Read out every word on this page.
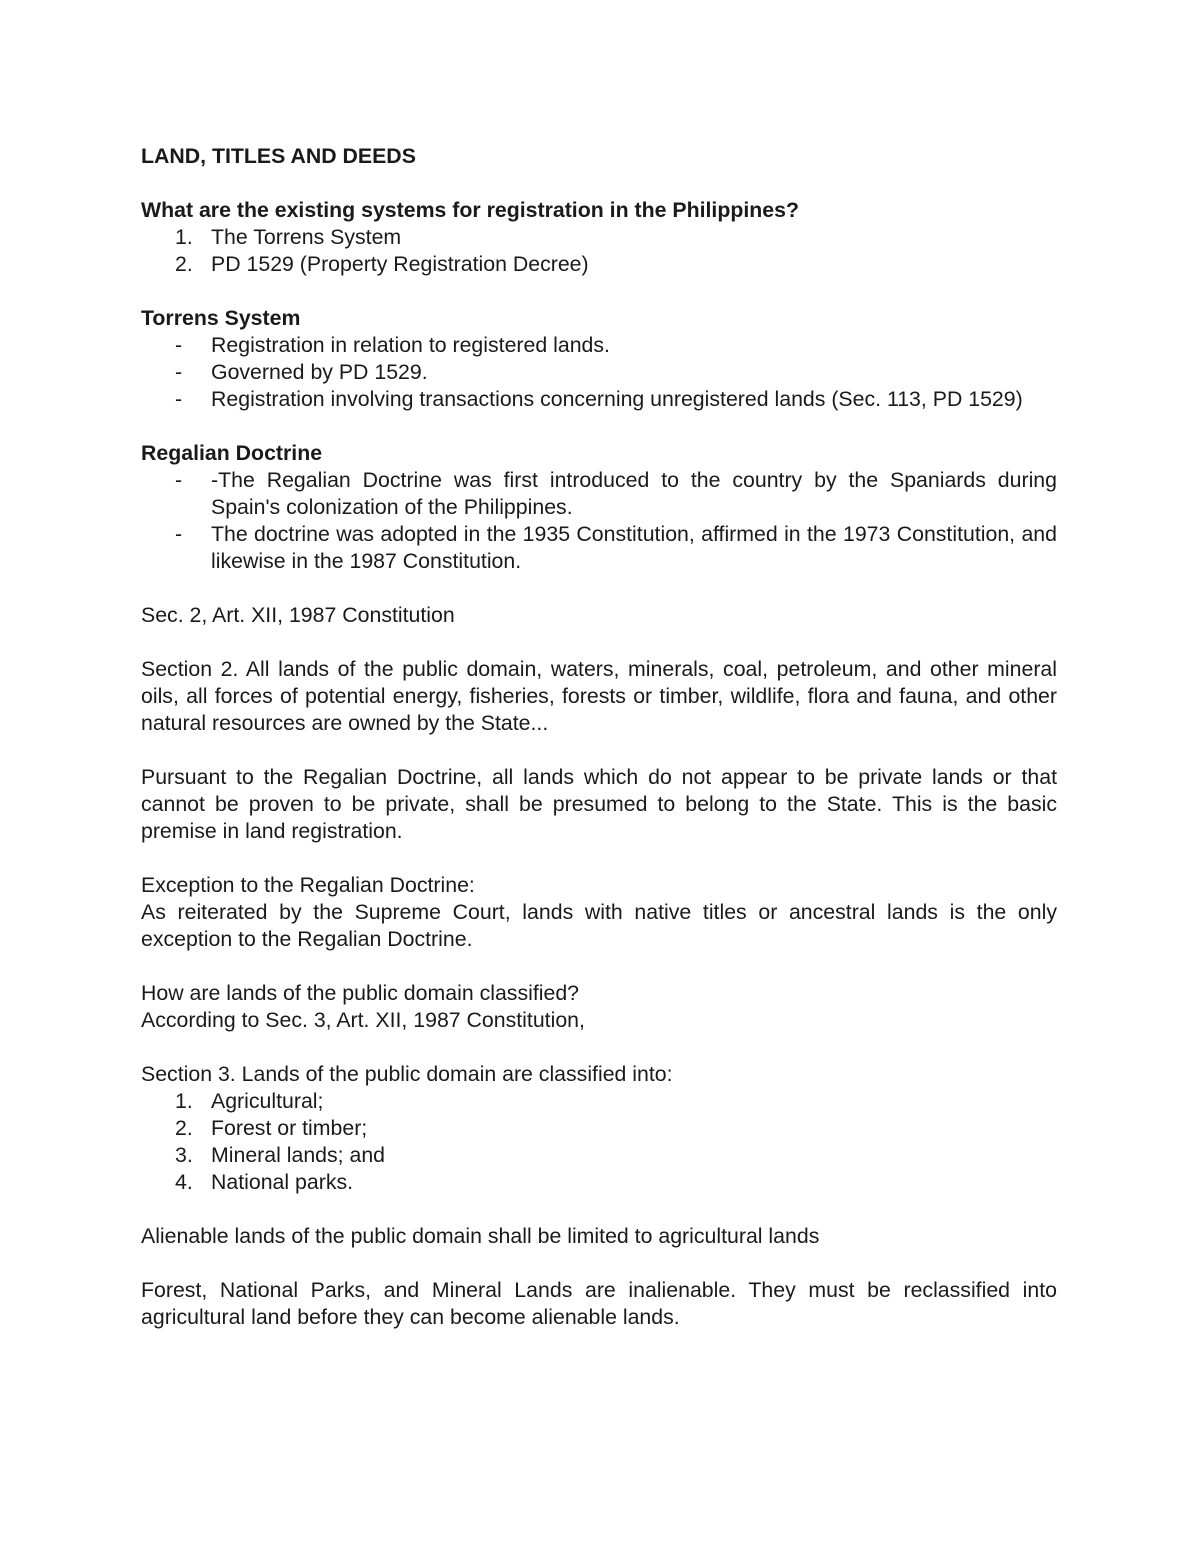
LAND, TITLES AND DEEDS

What are the existing systems for registration in the Philippines?

1. The Torrens System
2. PD 1529 (Property Registration Decree)

Torrens System

-	Registration in relation to registered lands.
-	Governed by PD 1529.
-	Registration involving transactions concerning unregistered lands (Sec. 113, PD 1529)

Regalian Doctrine

-	-The Regalian Doctrine was first introduced to the country by the Spaniards during Spain's colonization of the Philippines.
-	The doctrine was adopted in the 1935 Constitution, affirmed in the 1973 Constitution, and likewise in the 1987 Constitution.

Sec. 2, Art. XII, 1987 Constitution

Section 2. All lands of the public domain, waters, minerals, coal, petroleum, and other mineral oils, all forces of potential energy, fisheries, forests or timber, wildlife, flora and fauna, and other natural resources are owned by the State...

Pursuant to the Regalian Doctrine, all lands which do not appear to be private lands or that cannot be proven to be private, shall be presumed to belong to the State. This is the basic premise in land registration.

Exception to the Regalian Doctrine:

As reiterated by the Supreme Court, lands with native titles or ancestral lands is the only exception to the Regalian Doctrine.

How are lands of the public domain classified?

According to Sec. 3, Art. XII, 1987 Constitution,

Section 3. Lands of the public domain are classified into:

1. Agricultural;
2. Forest or timber;
3. Mineral lands; and
4. National parks.

Alienable lands of the public domain shall be limited to agricultural lands

Forest, National Parks, and Mineral Lands are inalienable. They must be reclassified into agricultural land before they can become alienable lands.
